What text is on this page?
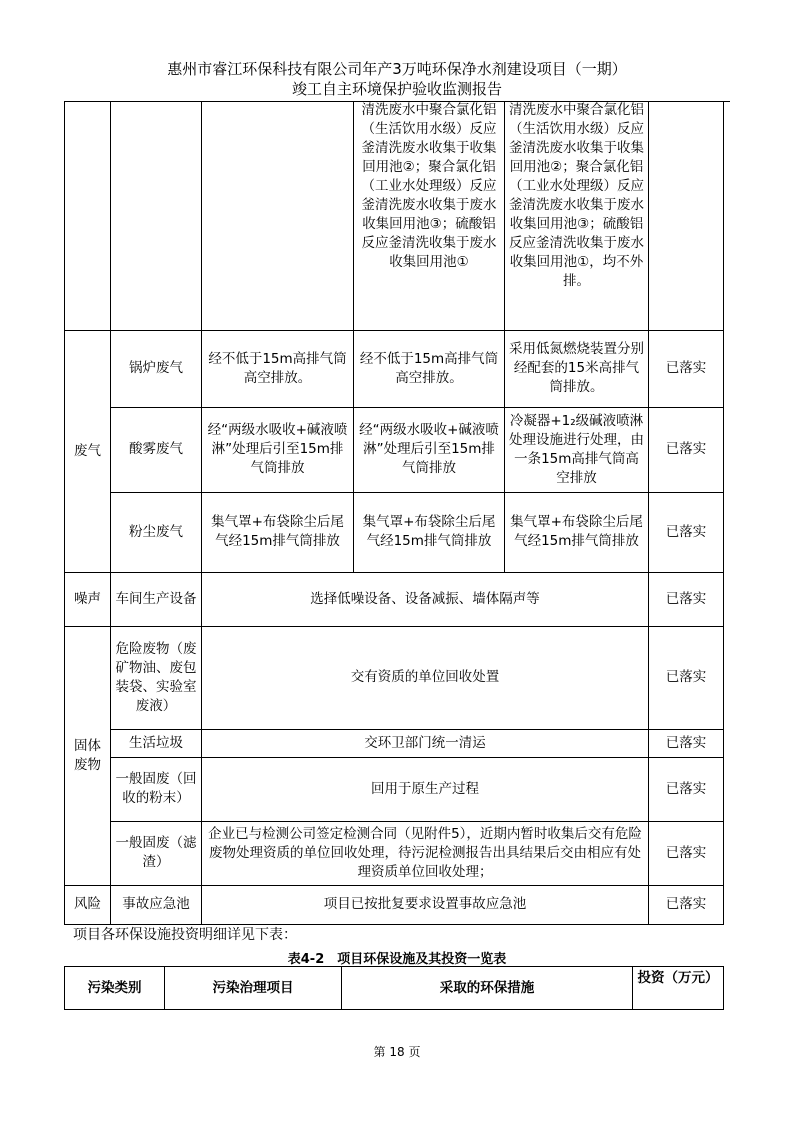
惠州市睿江环保科技有限公司年产3万吨环保净水剂建设项目（一期）
竣工自主环境保护验收监测报告
			清洗废水中聚合氯化铝（生活饮用水级）反应釜清洗废水收集于收集回用池②；聚合氯化铝（工业水处理级）反应釜清洗废水收集于废水收集回用池③；硫酸铝反应釜清洗收集于废水收集回用池①	清洗废水中聚合氯化铝（生活饮用水级）反应釜清洗废水收集于收集回用池②；聚合氯化铝（工业水处理级）反应釜清洗废水收集于废水收集回用池③；硫酸铝反应釜清洗收集于废水收集回用池①，均不外排。	
废气	锅炉废气	经不低于15m高排气筒高空排放。	经不低于15m高排气筒高空排放。	采用低氮燃烧装置分别经配套的15米高排气筒排放。	已落实
	酸雾废气	经“两级水吸收+碱液喷淋”处理后引至15m排气筒排放	经“两级水吸收+碱液喷淋”处理后引至15m排气筒排放	冷凝器+1₂级碱液喷淋处理设施进行处理，由一条15m高排气筒高空排放	已落实
	粉尘废气	集气罩+布袋除尘后尾气经15m排气筒排放	集气罩+布袋除尘后尾气经15m排气筒排放	集气罩+布袋除尘后尾气经15m排气筒排放	已落实
噪声	车间生产设备	选择低噪设备、设备减振、墙体隔声等			已落实
固体废物	危险废物（废矿物油、废包装袋、实验室废液）	交有资质的单位回收处置			已落实
	生活垃圾	交环卫部门统一清运			已落实
	一般固废（回收的粉末）	回用于原生产过程			已落实
	一般固废（滤渣）	企业已与检测公司签定检测合同（见附件5），近期内暂时收集后交有危险废物处理资质的单位回收处理，待污泥检测报告出具结果后交由相应有处理资质单位回收处理；			已落实
风险	事故应急池	项目已按批复要求设置事故应急池			已落实
项目各环保设施投资明细详见下表：
表4-2　项目环保设施及其投资一览表
污染类别	污染治理项目	采取的环保措施	投资（万元）
第 18 页
